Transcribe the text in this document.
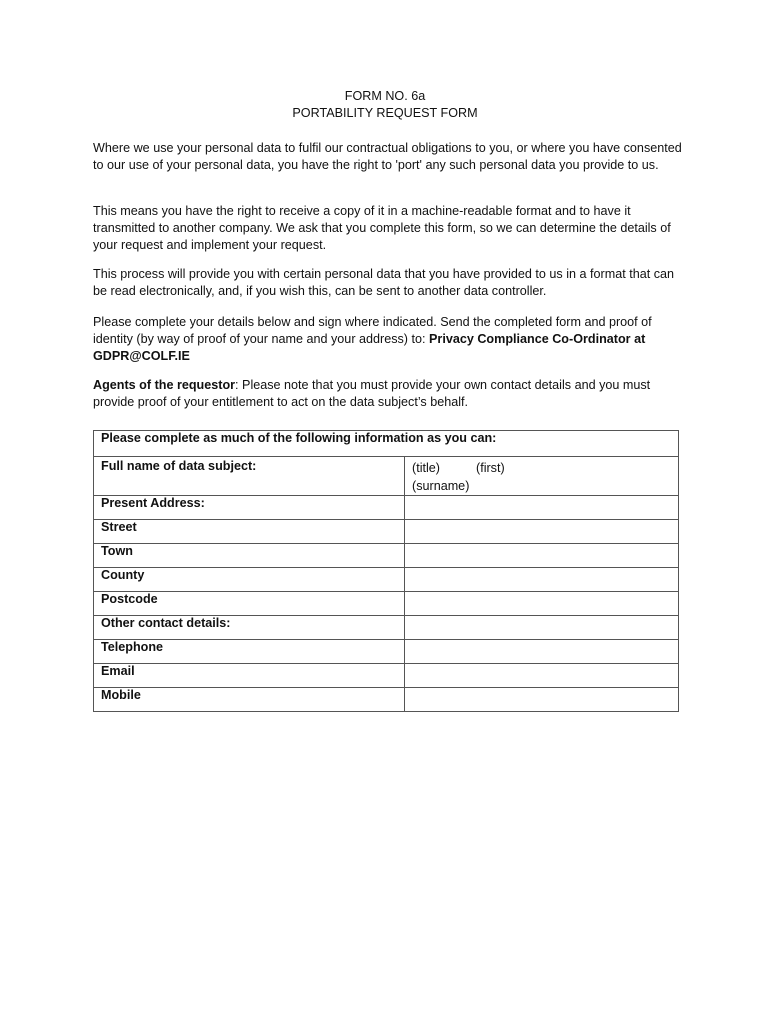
FORM NO. 6a
PORTABILITY REQUEST FORM

Where we use your personal data to fulfil our contractual obligations to you, or where you have consented to our use of your personal data, you have the right to 'port' any such personal data you provide to us.

This means you have the right to receive a copy of it in a machine-readable format and to have it transmitted to another company. We ask that you complete this form, so we can determine the details of your request and implement your request.

This process will provide you with certain personal data that you have provided to us in a format that can be read electronically, and, if you wish this, can be sent to another data controller.

Please complete your details below and sign where indicated. Send the completed form and proof of identity (by way of proof of your name and your address) to: Privacy Compliance Co-Ordinator at GDPR@COLF.IE

Agents of the requestor: Please note that you must provide your own contact details and you must provide proof of your entitlement to act on the data subject’s behalf.

Please complete as much of the following information as you can:	
Full name of data subject:	(title) (first)
(surname)
Present Address:	
Street	
Town	
County	
Postcode	
Other contact details:	
Telephone	
Email	
Mobile	
